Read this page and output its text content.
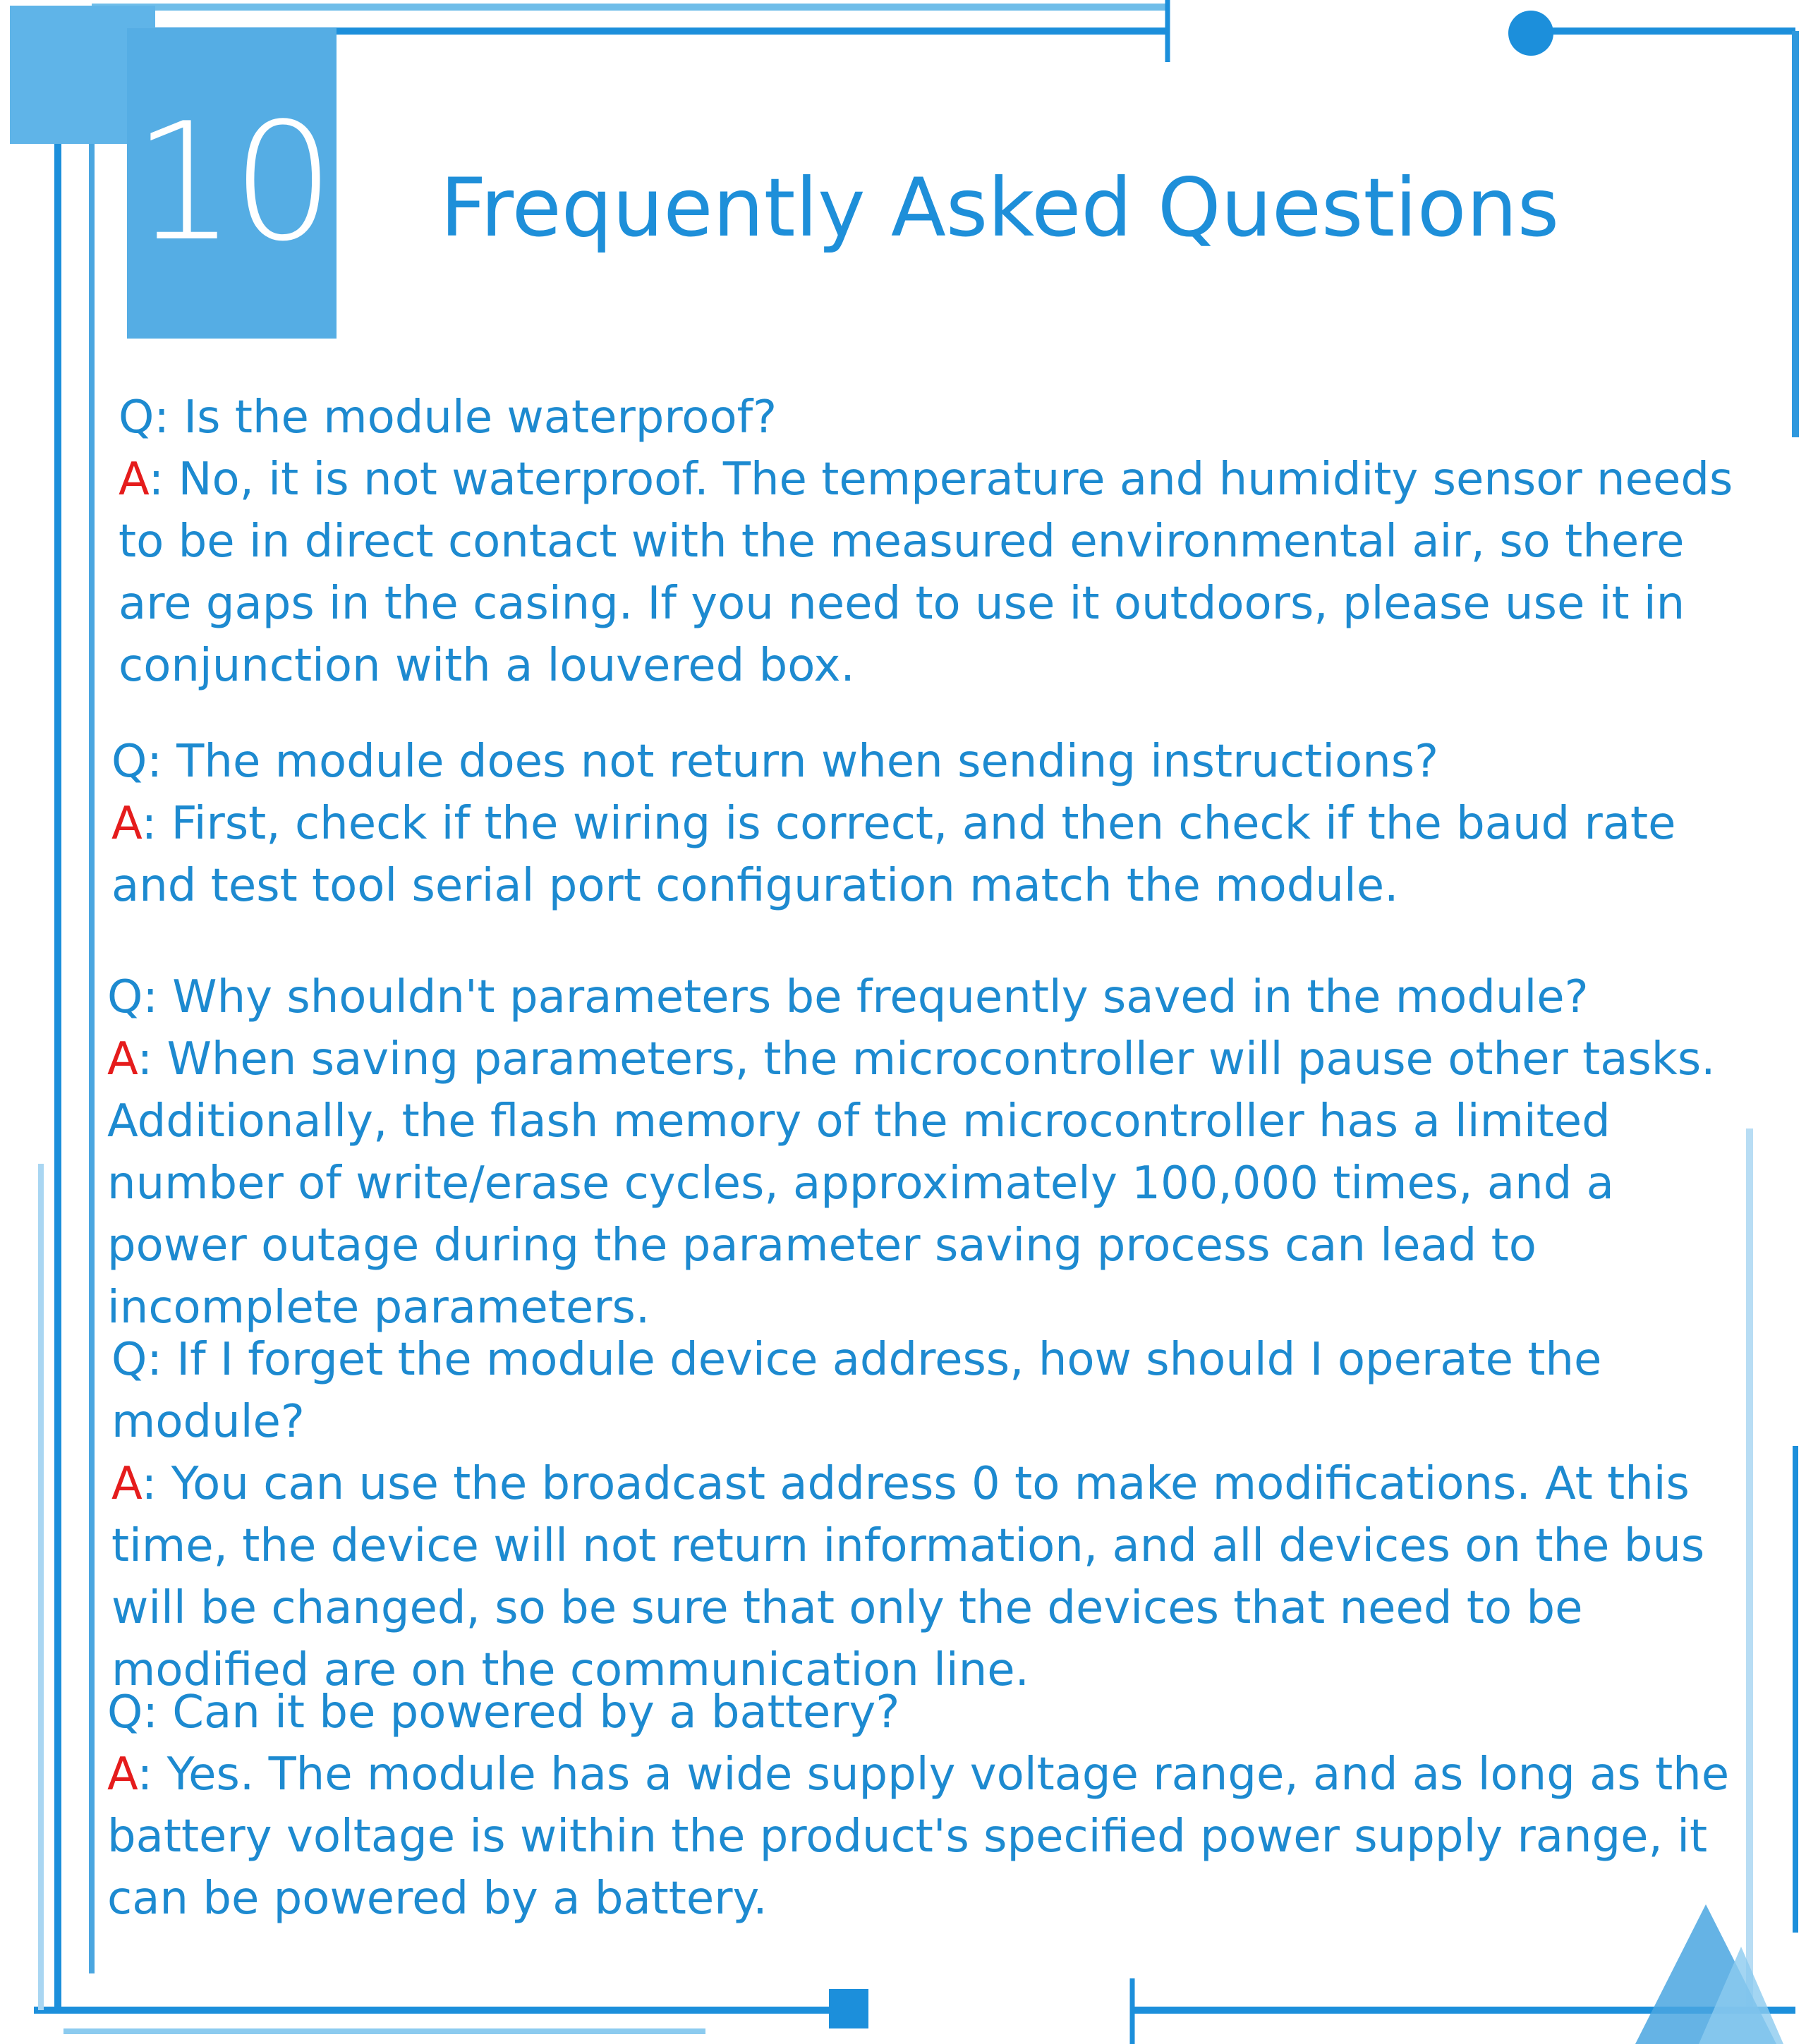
10 Frequently Asked Questions
Q: Is the module waterproof?
A: No, it is not waterproof. The temperature and humidity sensor needs to be in direct contact with the measured environmental air, so there are gaps in the casing. If you need to use it outdoors, please use it in conjunction with a louvered box.
Q: The module does not return when sending instructions?
A: First, check if the wiring is correct, and then check if the baud rate and test tool serial port configuration match the module.
Q: Why shouldn't parameters be frequently saved in the module?
A: When saving parameters, the microcontroller will pause other tasks. Additionally, the flash memory of the microcontroller has a limited number of write/erase cycles, approximately 100,000 times, and a power outage during the parameter saving process can lead to incomplete parameters.
Q: If I forget the module device address, how should I operate the module?
A: You can use the broadcast address 0 to make modifications. At this time, the device will not return information, and all devices on the bus will be changed, so be sure that only the devices that need to be modified are on the communication line.
Q: Can it be powered by a battery?
A: Yes. The module has a wide supply voltage range, and as long as the battery voltage is within the product's specified power supply range, it can be powered by a battery.
